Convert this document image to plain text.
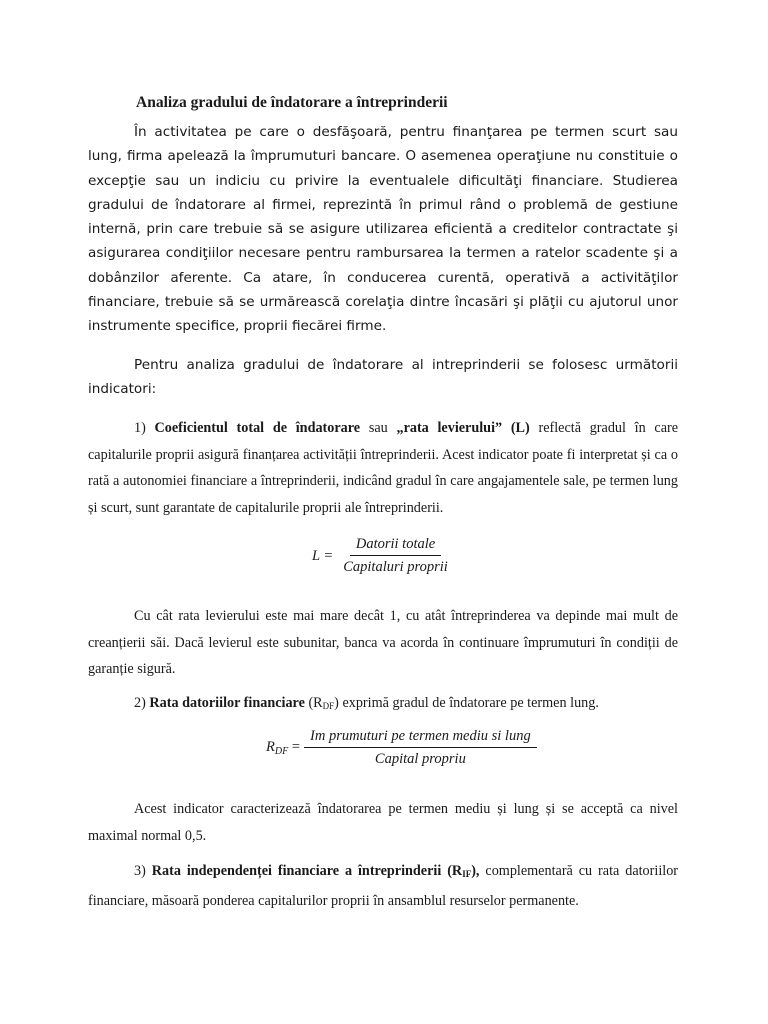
Analiza gradului de îndatorare a întreprinderii
În activitatea pe care o desfăşoară, pentru finanţarea pe termen scurt sau lung, firma apelează la împrumuturi bancare. O asemenea operaţiune nu constituie o excepţie sau un indiciu cu privire la eventualele dificultăţi financiare. Studierea gradului de îndatorare al firmei, reprezintă în primul rând o problemă de gestiune internă, prin care trebuie să se asigure utilizarea eficientă a creditelor contractate şi asigurarea condiţiilor necesare pentru rambursarea la termen a ratelor scadente şi a dobânzilor aferente. Ca atare, în conducerea curentă, operativă a activităţilor financiare, trebuie să se urmărească corelaţia dintre încasări şi plăţii cu ajutorul unor instrumente specifice, proprii fiecărei firme.
Pentru analiza gradului de îndatorare al intreprinderii se folosesc următorii indicatori:
1) Coeficientul total de îndatorare sau „rata levierului” (L) reflectă gradul în care capitalurile proprii asigură finanțarea activității întreprinderii. Acest indicator poate fi interpretat și ca o rată a autonomiei financiare a întreprinderii, indicând gradul în care angajamentele sale, pe termen lung și scurt, sunt garantate de capitalurile proprii ale întreprinderii.
$L = \frac{\text{Datorii totale}}{\text{Capitaluri proprii}}$
Cu cât rata levierului este mai mare decât 1, cu atât întreprinderea va depinde mai mult de creanțierii săi. Dacă levierul este subunitar, banca va acorda în continuare împrumuturi în condiții de garanție sigură.
2) Rata datoriilor financiare (RDF) exprimă gradul de îndatorare pe termen lung.
$R_{DF} = \frac{\text{Im prumuturi pe termen mediu si lung}}{\text{Capital propriu}}$
Acest indicator caracterizează îndatorarea pe termen mediu și lung și se acceptă ca nivel maximal normal 0,5.
3) Rata independenței financiare a întreprinderii (RIF), complementară cu rata datoriilor financiare, măsoară ponderea capitalurilor proprii în ansamblul resurselor permanente.
